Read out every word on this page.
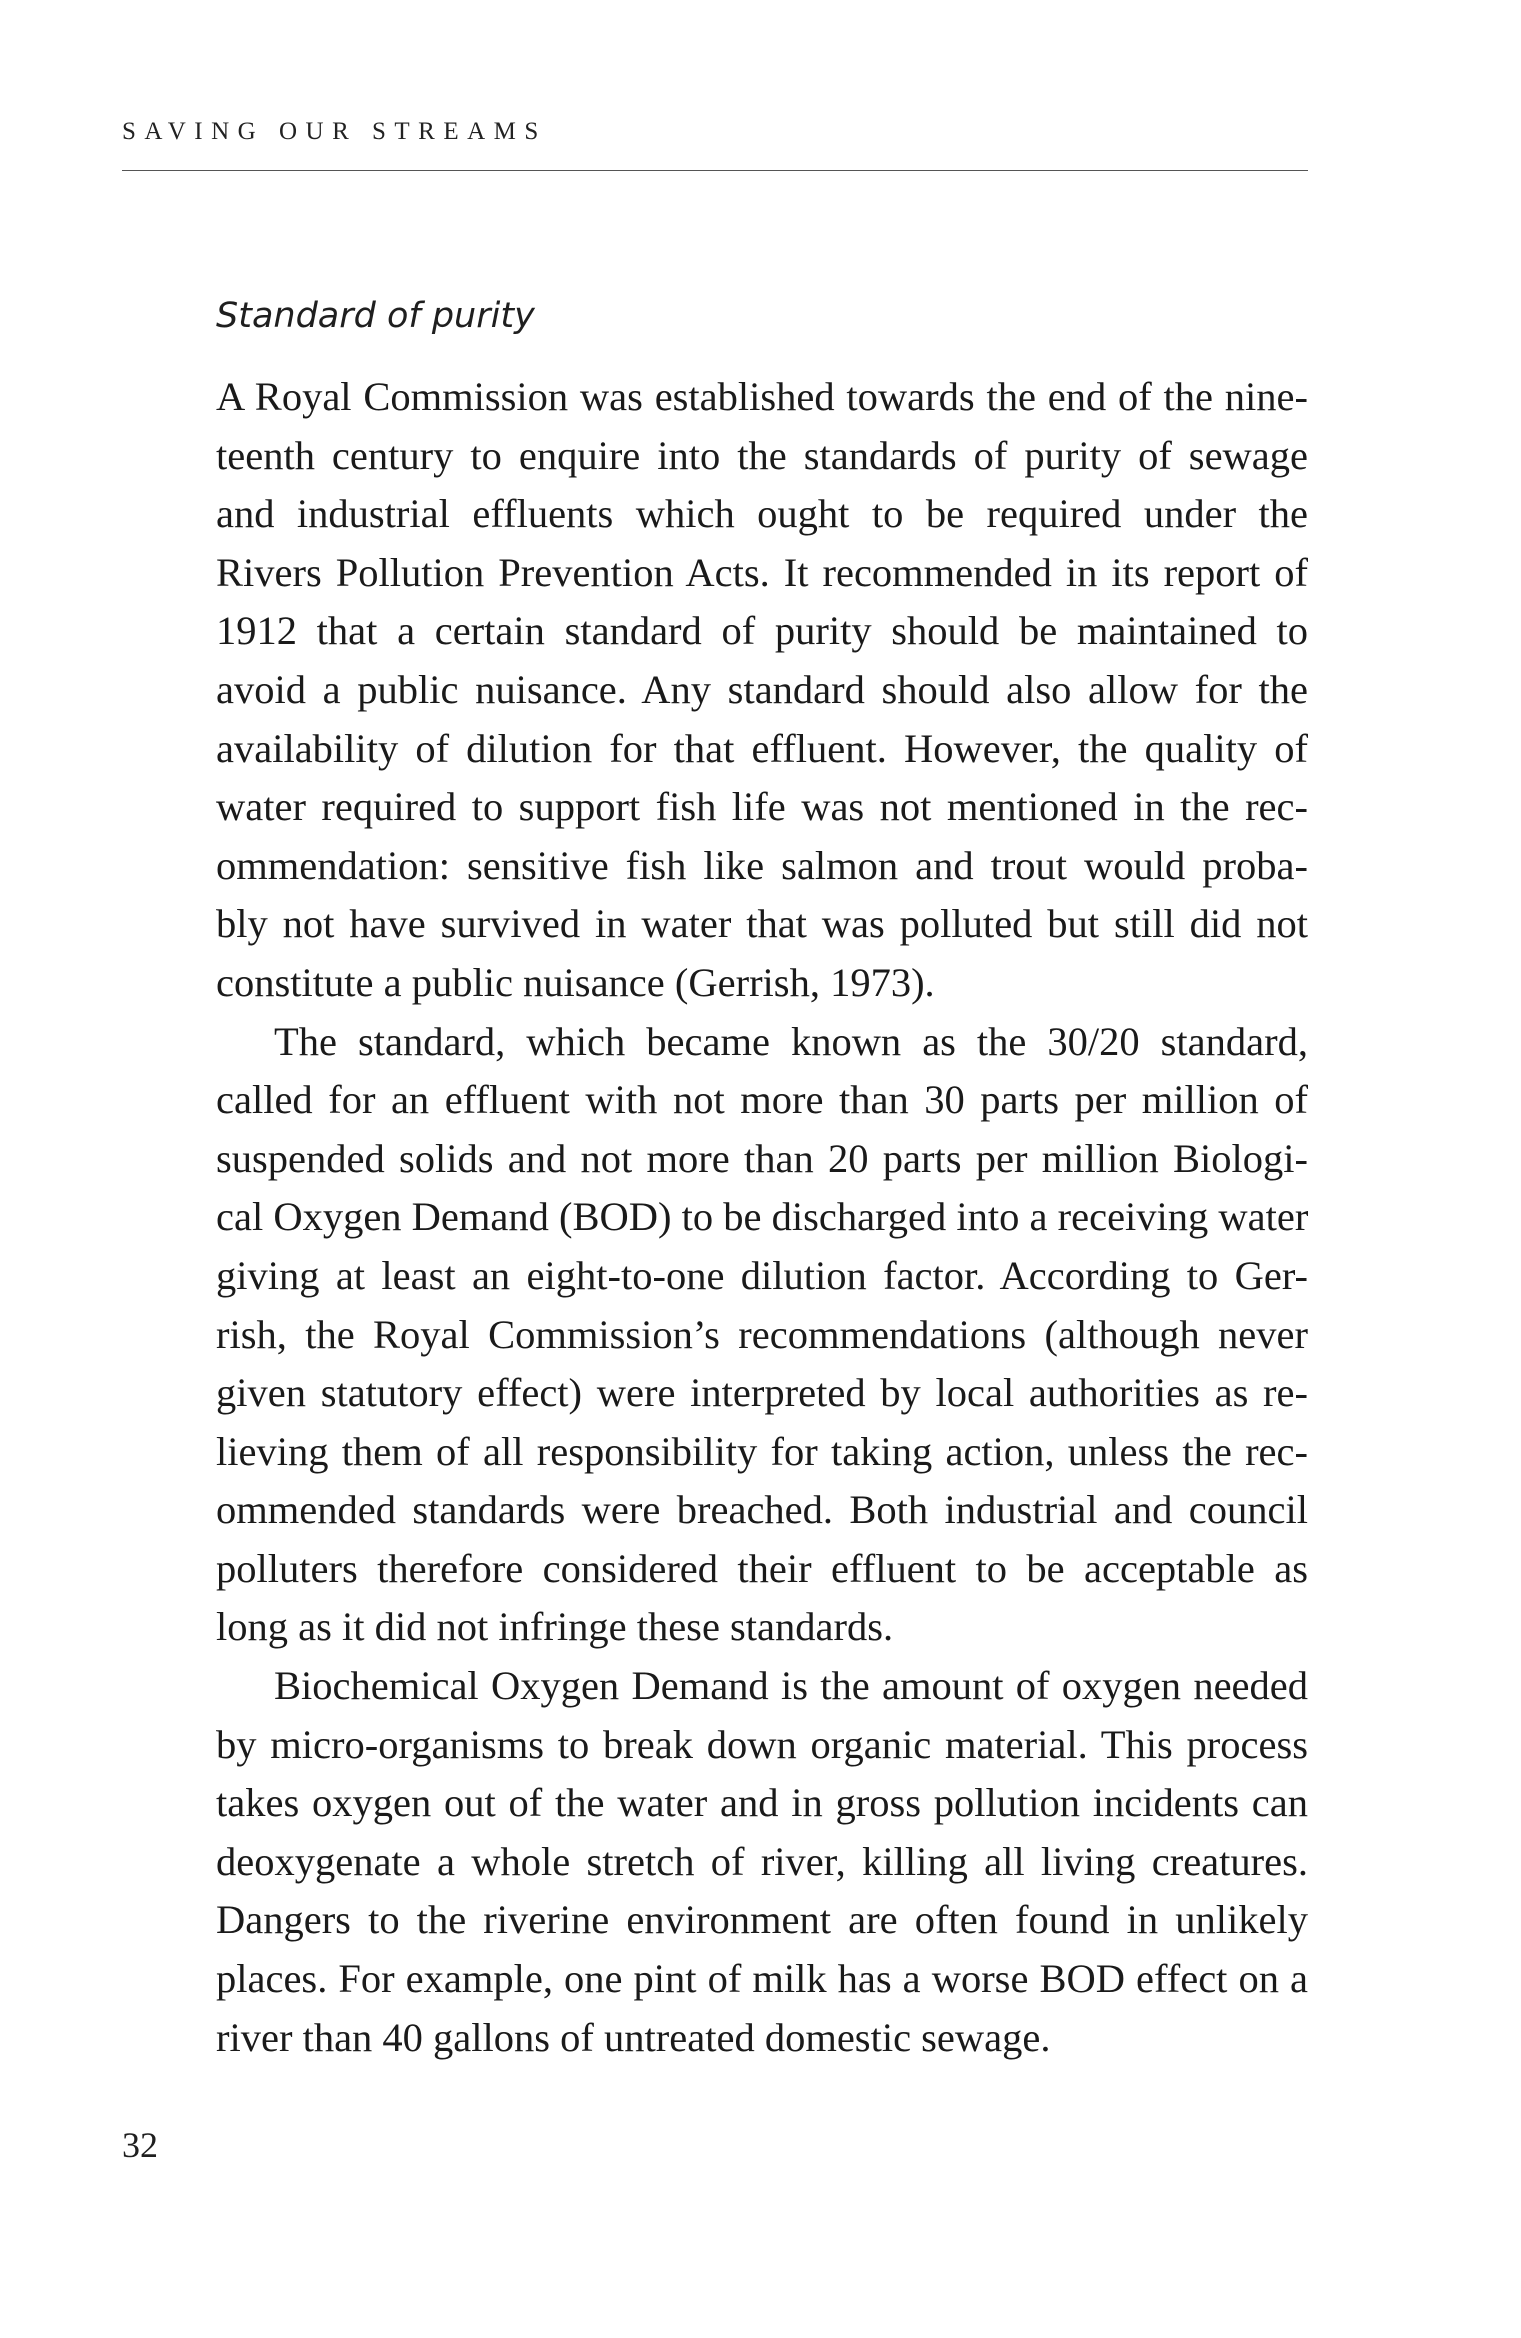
SAVING OUR STREAMS
Standard of purity
A Royal Commission was established towards the end of the nine-
teenth century to enquire into the standards of purity of sewage
and industrial effluents which ought to be required under the
Rivers Pollution Prevention Acts. It recommended in its report of
1912 that a certain standard of purity should be maintained to
avoid a public nuisance. Any standard should also allow for the
availability of dilution for that effluent. However, the quality of
water required to support fish life was not mentioned in the rec-
ommendation: sensitive fish like salmon and trout would proba-
bly not have survived in water that was polluted but still did not
constitute a public nuisance (Gerrish, 1973).
The standard, which became known as the 30/20 standard,
called for an effluent with not more than 30 parts per million of
suspended solids and not more than 20 parts per million Biologi-
cal Oxygen Demand (BOD) to be discharged into a receiving water
giving at least an eight-to-one dilution factor. According to Ger-
rish, the Royal Commission’s recommendations (although never
given statutory effect) were interpreted by local authorities as re-
lieving them of all responsibility for taking action, unless the rec-
ommended standards were breached. Both industrial and council
polluters therefore considered their effluent to be acceptable as
long as it did not infringe these standards.
Biochemical Oxygen Demand is the amount of oxygen needed
by micro-organisms to break down organic material. This process
takes oxygen out of the water and in gross pollution incidents can
deoxygenate a whole stretch of river, killing all living creatures.
Dangers to the riverine environment are often found in unlikely
places. For example, one pint of milk has a worse BOD effect on a
river than 40 gallons of untreated domestic sewage.
32
